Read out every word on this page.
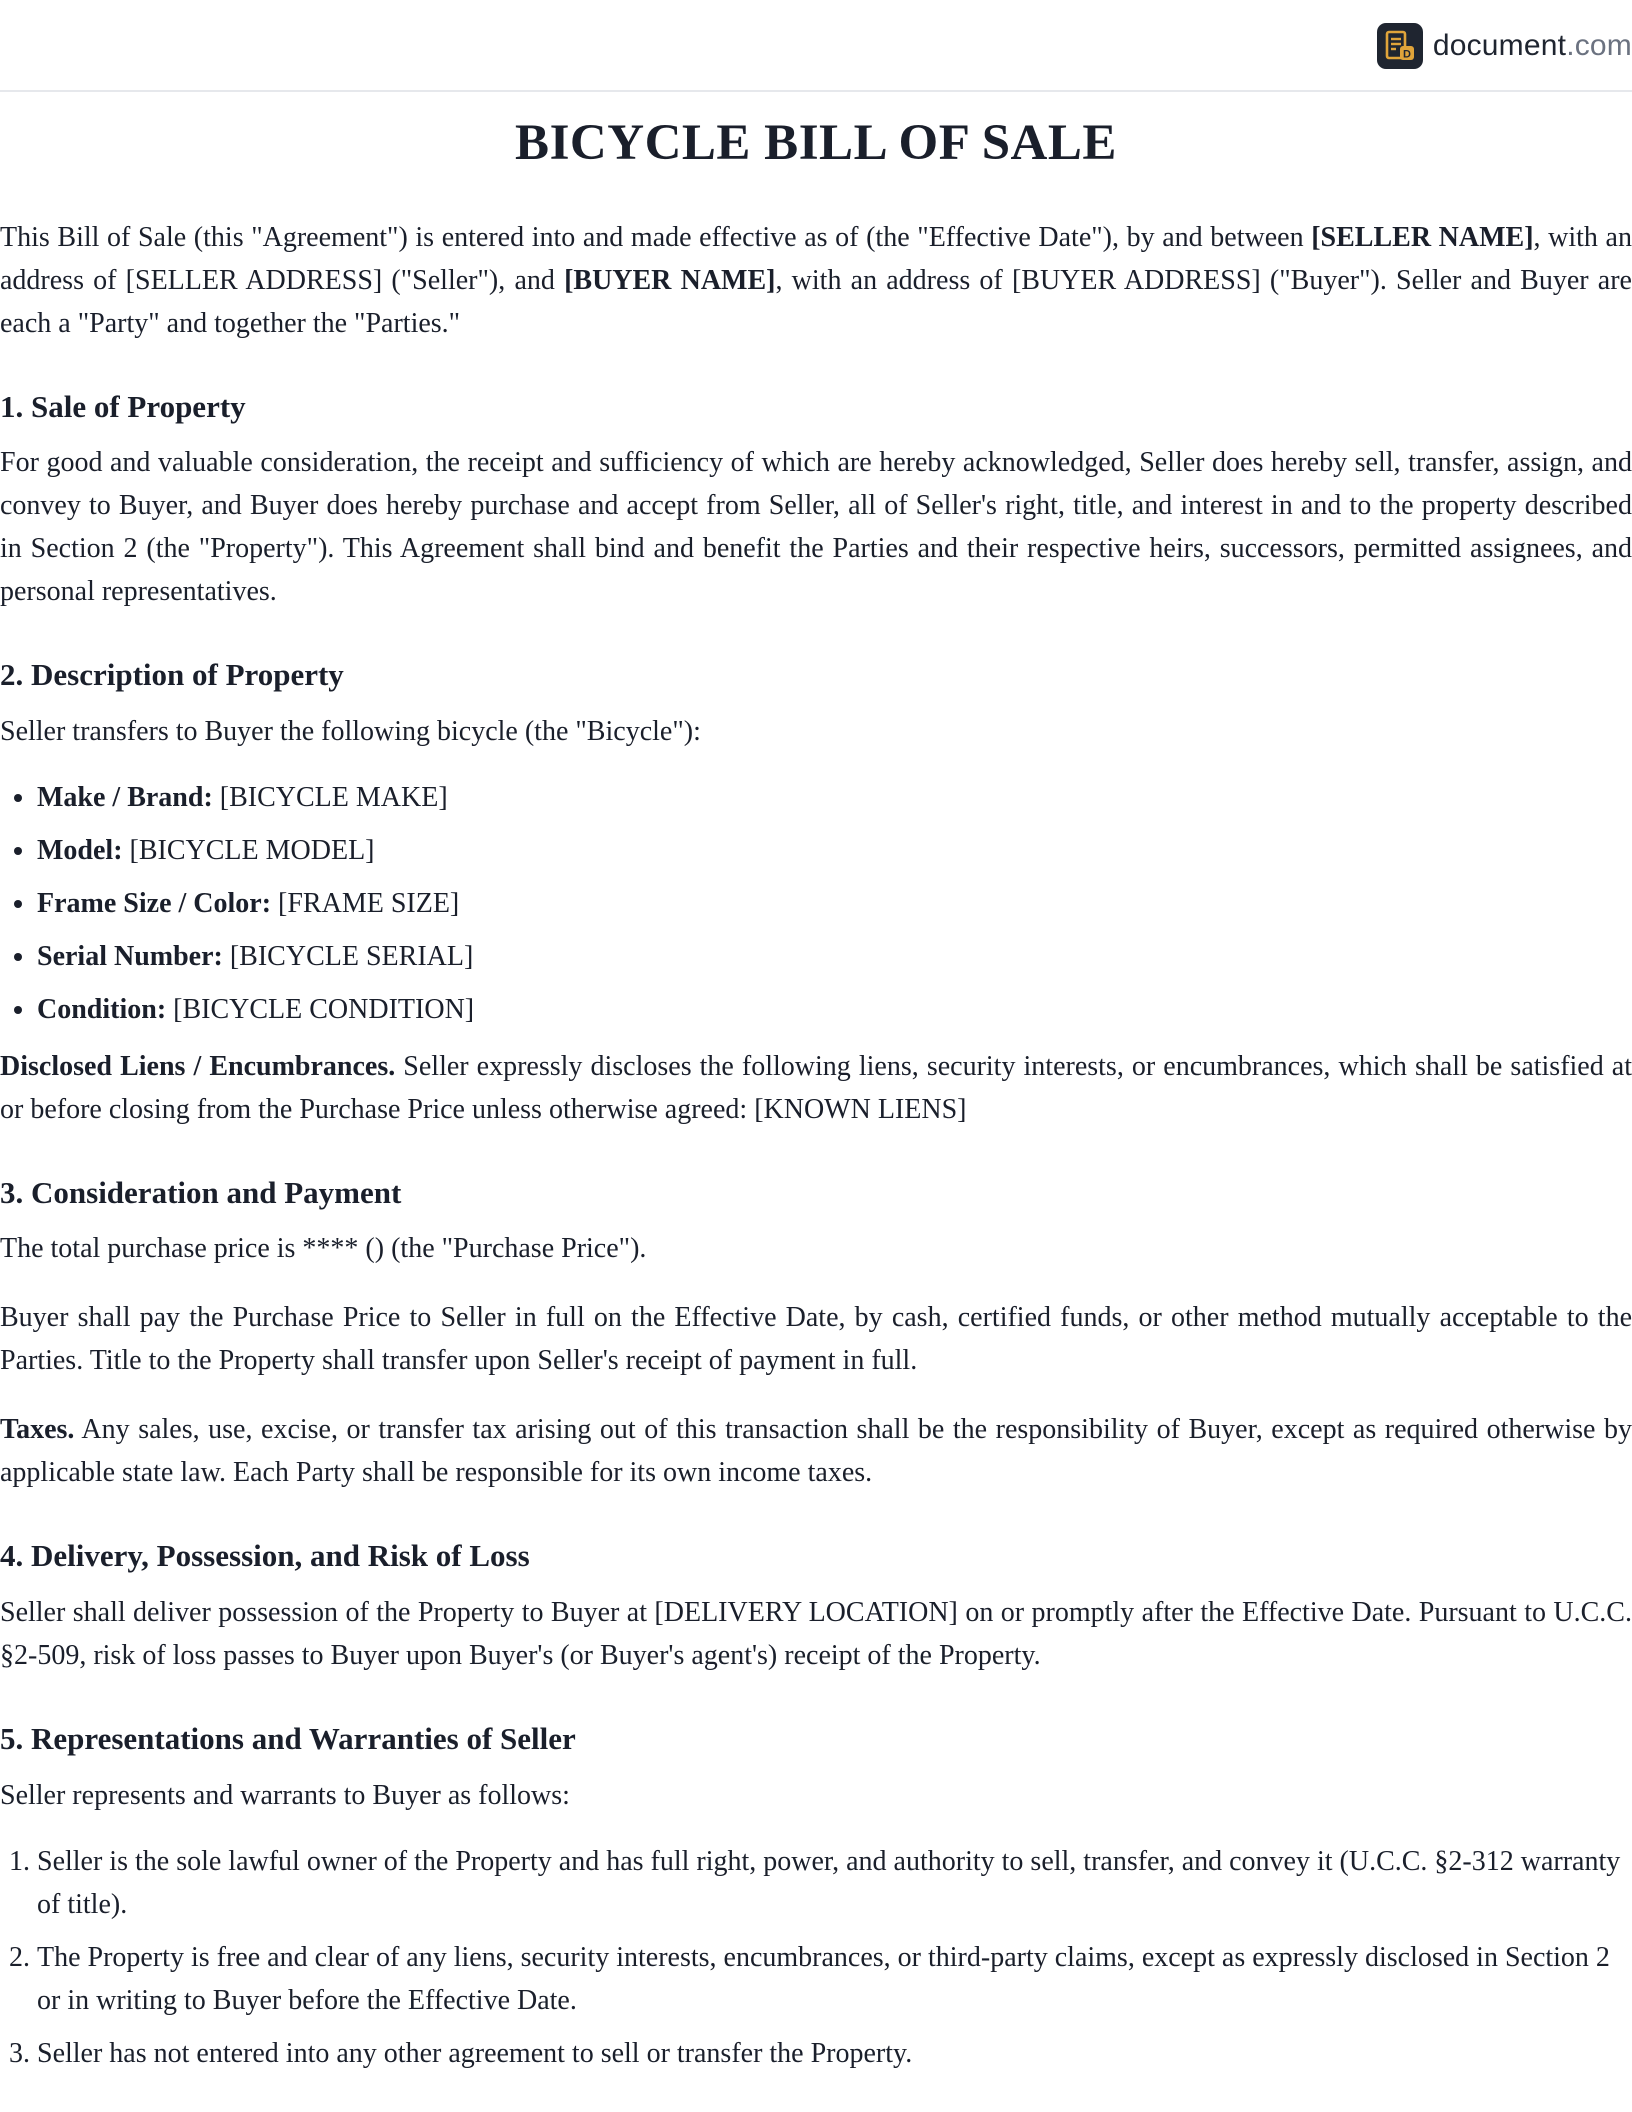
D document.com
BICYCLE BILL OF SALE

This Bill of Sale (this "Agreement") is entered into and made effective as of (the "Effective Date"), by and between [SELLER NAME], with an address of [SELLER ADDRESS] ("Seller"), and [BUYER NAME], with an address of [BUYER ADDRESS] ("Buyer"). Seller and Buyer are each a "Party" and together the "Parties."

1. Sale of Property

For good and valuable consideration, the receipt and sufficiency of which are hereby acknowledged, Seller does hereby sell, transfer, assign, and convey to Buyer, and Buyer does hereby purchase and accept from Seller, all of Seller's right, title, and interest in and to the property described in Section 2 (the "Property"). This Agreement shall bind and benefit the Parties and their respective heirs, successors, permitted assignees, and personal representatives.

2. Description of Property

Seller transfers to Buyer the following bicycle (the "Bicycle"):

• Make / Brand: [BICYCLE MAKE]
• Model: [BICYCLE MODEL]
• Frame Size / Color: [FRAME SIZE]
• Serial Number: [BICYCLE SERIAL]
• Condition: [BICYCLE CONDITION]

Disclosed Liens / Encumbrances. Seller expressly discloses the following liens, security interests, or encumbrances, which shall be satisfied at or before closing from the Purchase Price unless otherwise agreed: [KNOWN LIENS]

3. Consideration and Payment

The total purchase price is **** () (the "Purchase Price").

Buyer shall pay the Purchase Price to Seller in full on the Effective Date, by cash, certified funds, or other method mutually acceptable to the Parties. Title to the Property shall transfer upon Seller's receipt of payment in full.

Taxes. Any sales, use, excise, or transfer tax arising out of this transaction shall be the responsibility of Buyer, except as required otherwise by applicable state law. Each Party shall be responsible for its own income taxes.

4. Delivery, Possession, and Risk of Loss

Seller shall deliver possession of the Property to Buyer at [DELIVERY LOCATION] on or promptly after the Effective Date. Pursuant to U.C.C. §2-509, risk of loss passes to Buyer upon Buyer's (or Buyer's agent's) receipt of the Property.

5. Representations and Warranties of Seller

Seller represents and warrants to Buyer as follows:

1. Seller is the sole lawful owner of the Property and has full right, power, and authority to sell, transfer, and convey it (U.C.C. §2-312 warranty of title).
2. The Property is free and clear of any liens, security interests, encumbrances, or third-party claims, except as expressly disclosed in Section 2 or in writing to Buyer before the Effective Date.
3. Seller has not entered into any other agreement to sell or transfer the Property.
